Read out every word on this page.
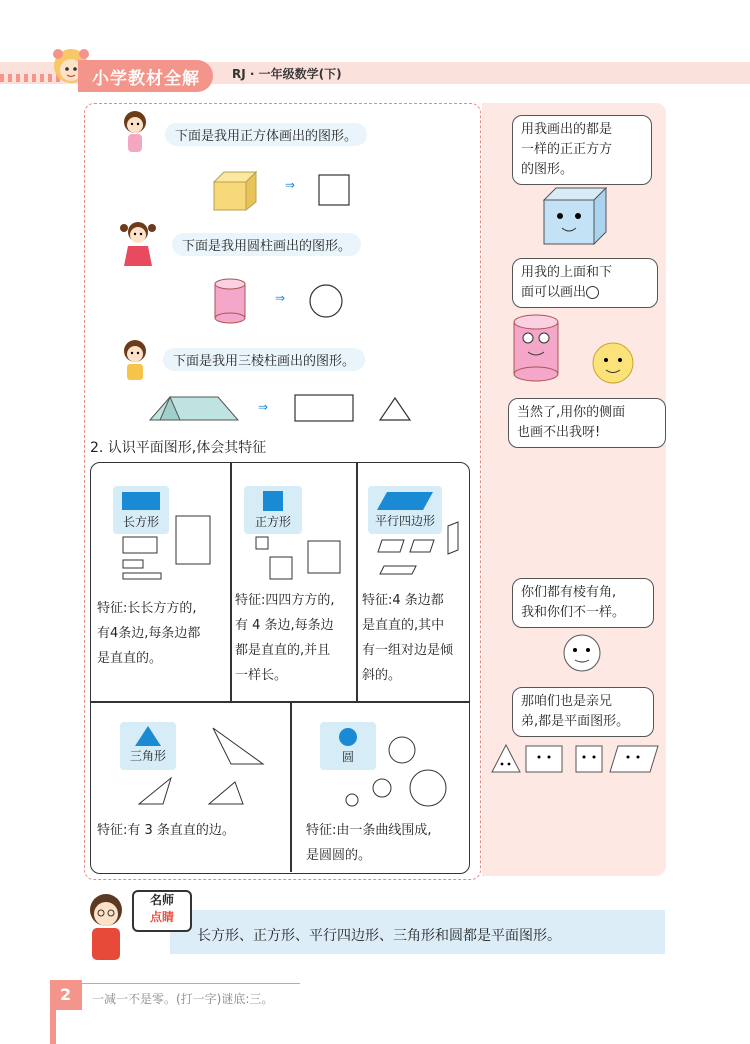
小学教材全解	RJ · 一年级数学(下)
下面是我用正方体画出的图形。
⇒
下面是我用圆柱画出的图形。
⇒
下面是我用三棱柱画出的图形。
⇒
2. 认识平面图形,体会其特征
长方形
特征:长长方方的,
有4条边,每条边都
是直直的。
正方形
特征:四四方方的,
有 4 条边,每条边
都是直直的,并且
一样长。
平行四边形
特征:4 条边都
是直直的,其中
有一组对边是倾
斜的。
三角形
特征:有 3 条直直的边。
圆
特征:由一条曲线围成,
是圆圆的。
用我画出的都是
一样的正正方方
的图形。
用我的上面和下
面可以画出
当然了,用你的侧面
也画不出我呀!
你们都有棱有角,
我和你们不一样。
那咱们也是亲兄
弟,都是平面图形。
名师
点睛
长方形、正方形、平行四边形、三角形和圆都是平面图形。
2 一减一不是零。(打一字)谜底:三。
